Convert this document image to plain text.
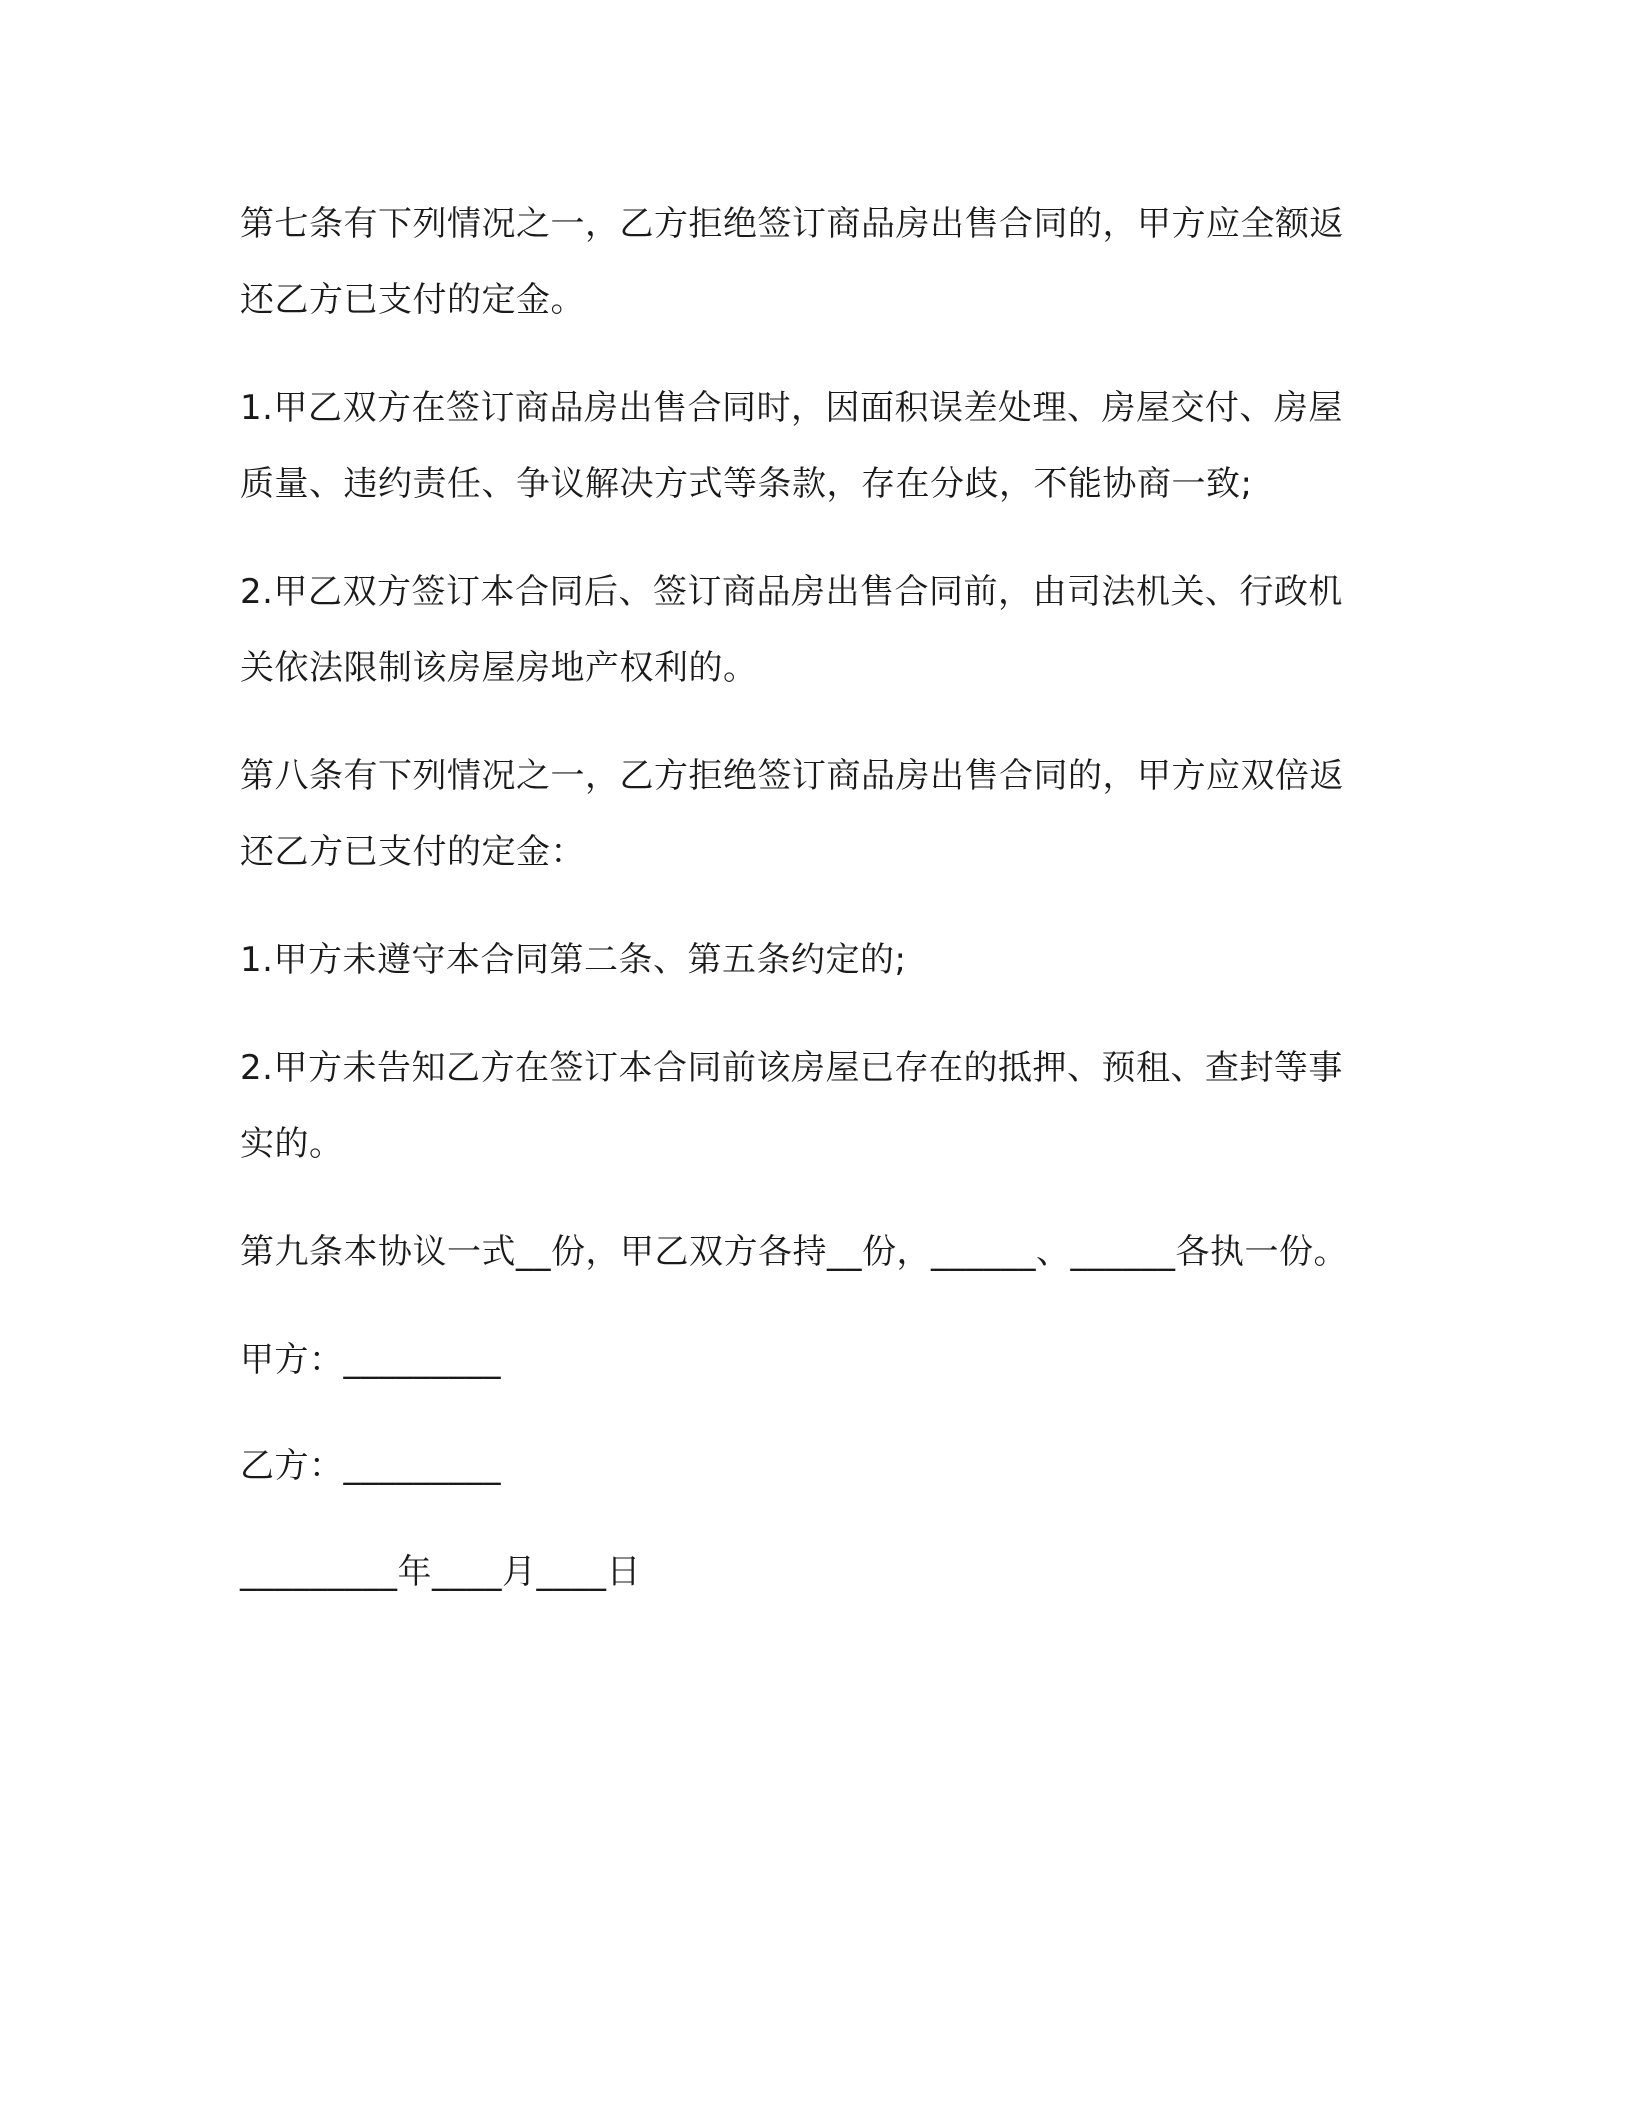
第七条有下列情况之一，乙方拒绝签订商品房出售合同的，甲方应全额返还乙方已支付的定金。

1.甲乙双方在签订商品房出售合同时，因面积误差处理、房屋交付、房屋质量、违约责任、争议解决方式等条款，存在分歧，不能协商一致;

2.甲乙双方签订本合同后、签订商品房出售合同前，由司法机关、行政机关依法限制该房屋房地产权利的。

第八条有下列情况之一，乙方拒绝签订商品房出售合同的，甲方应双倍返还乙方已支付的定金：

1.甲方未遵守本合同第二条、第五条约定的;

2.甲方未告知乙方在签订本合同前该房屋已存在的抵押、预租、查封等事实的。

第九条本协议一式__份，甲乙双方各持__份，______、______各执一份。

甲方：_________

乙方：_________

_________年____月____日
